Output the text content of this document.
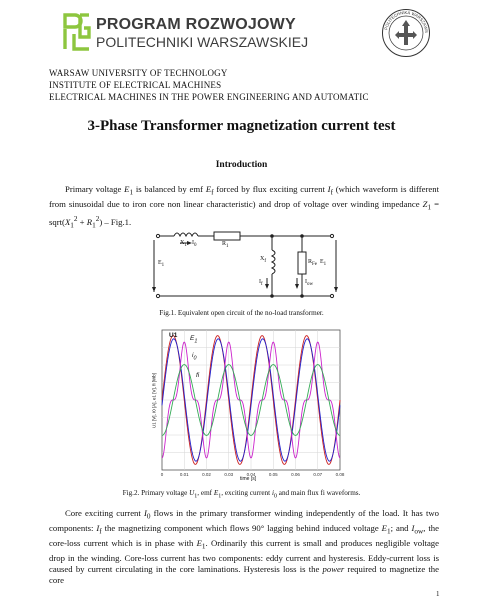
PROGRAM ROZWOJOWY
POLITECHNIKI WARSZAWSKIEJ
POLITECHNIKA WARSZAWS
WARSAW UNIVERSITY OF TECHNOLOGY
INSTITUTE OF ELECTRICAL MACHINES
ELECTRICAL MACHINES IN THE POWER ENGINEERING AND AUTOMATIC
3-Phase Transformer magnetization current test
Introduction
Primary voltage $E_1$ is balanced by emf $E_f$ forced by flux exciting current $I_f$ (which waveform is different from sinusoidal due to iron core non linear characteristic) and drop of voltage over winding impedance $Z_1$ = $sqrt(X_1^2 + R_1^2) - Fig.1$.
$X_1$ $I_0$	$R_1$
$E_1$
$X_f$
$I_f$
$R_{Fe}$ $E_1$
$I_{ow}$
Fig.1. Equivalent open circuit of the no-load transformer.
0	0.01	0.02	0.03	0.04	0.05	0.06	0.07	0.08
U1 $E_1$
$i_0$
fi
time [s]
U1 [V], I0 [A], e1 [V], fi [Wb]
Fig.2. Primary voltage $U_1$, emf $E_1$, exciting current $i_0$ and main flux fi waveforms.
Core exciting current $I_0$ flows in the primary transformer winding independently of the load. It has two components: $I_f$ the magnetizing component which flows 90° lagging behind induced voltage $E_1$; and $I_{ow}$, the core-loss current which is in phase with $E_1$. Ordinarily this current is small and produces negligible voltage drop in the winding. Core-loss current has two components: eddy current and hysteresis. Eddy-current loss is caused by current circulating in the core laminations. Hysteresis loss is the power required to magnetize the core
1
